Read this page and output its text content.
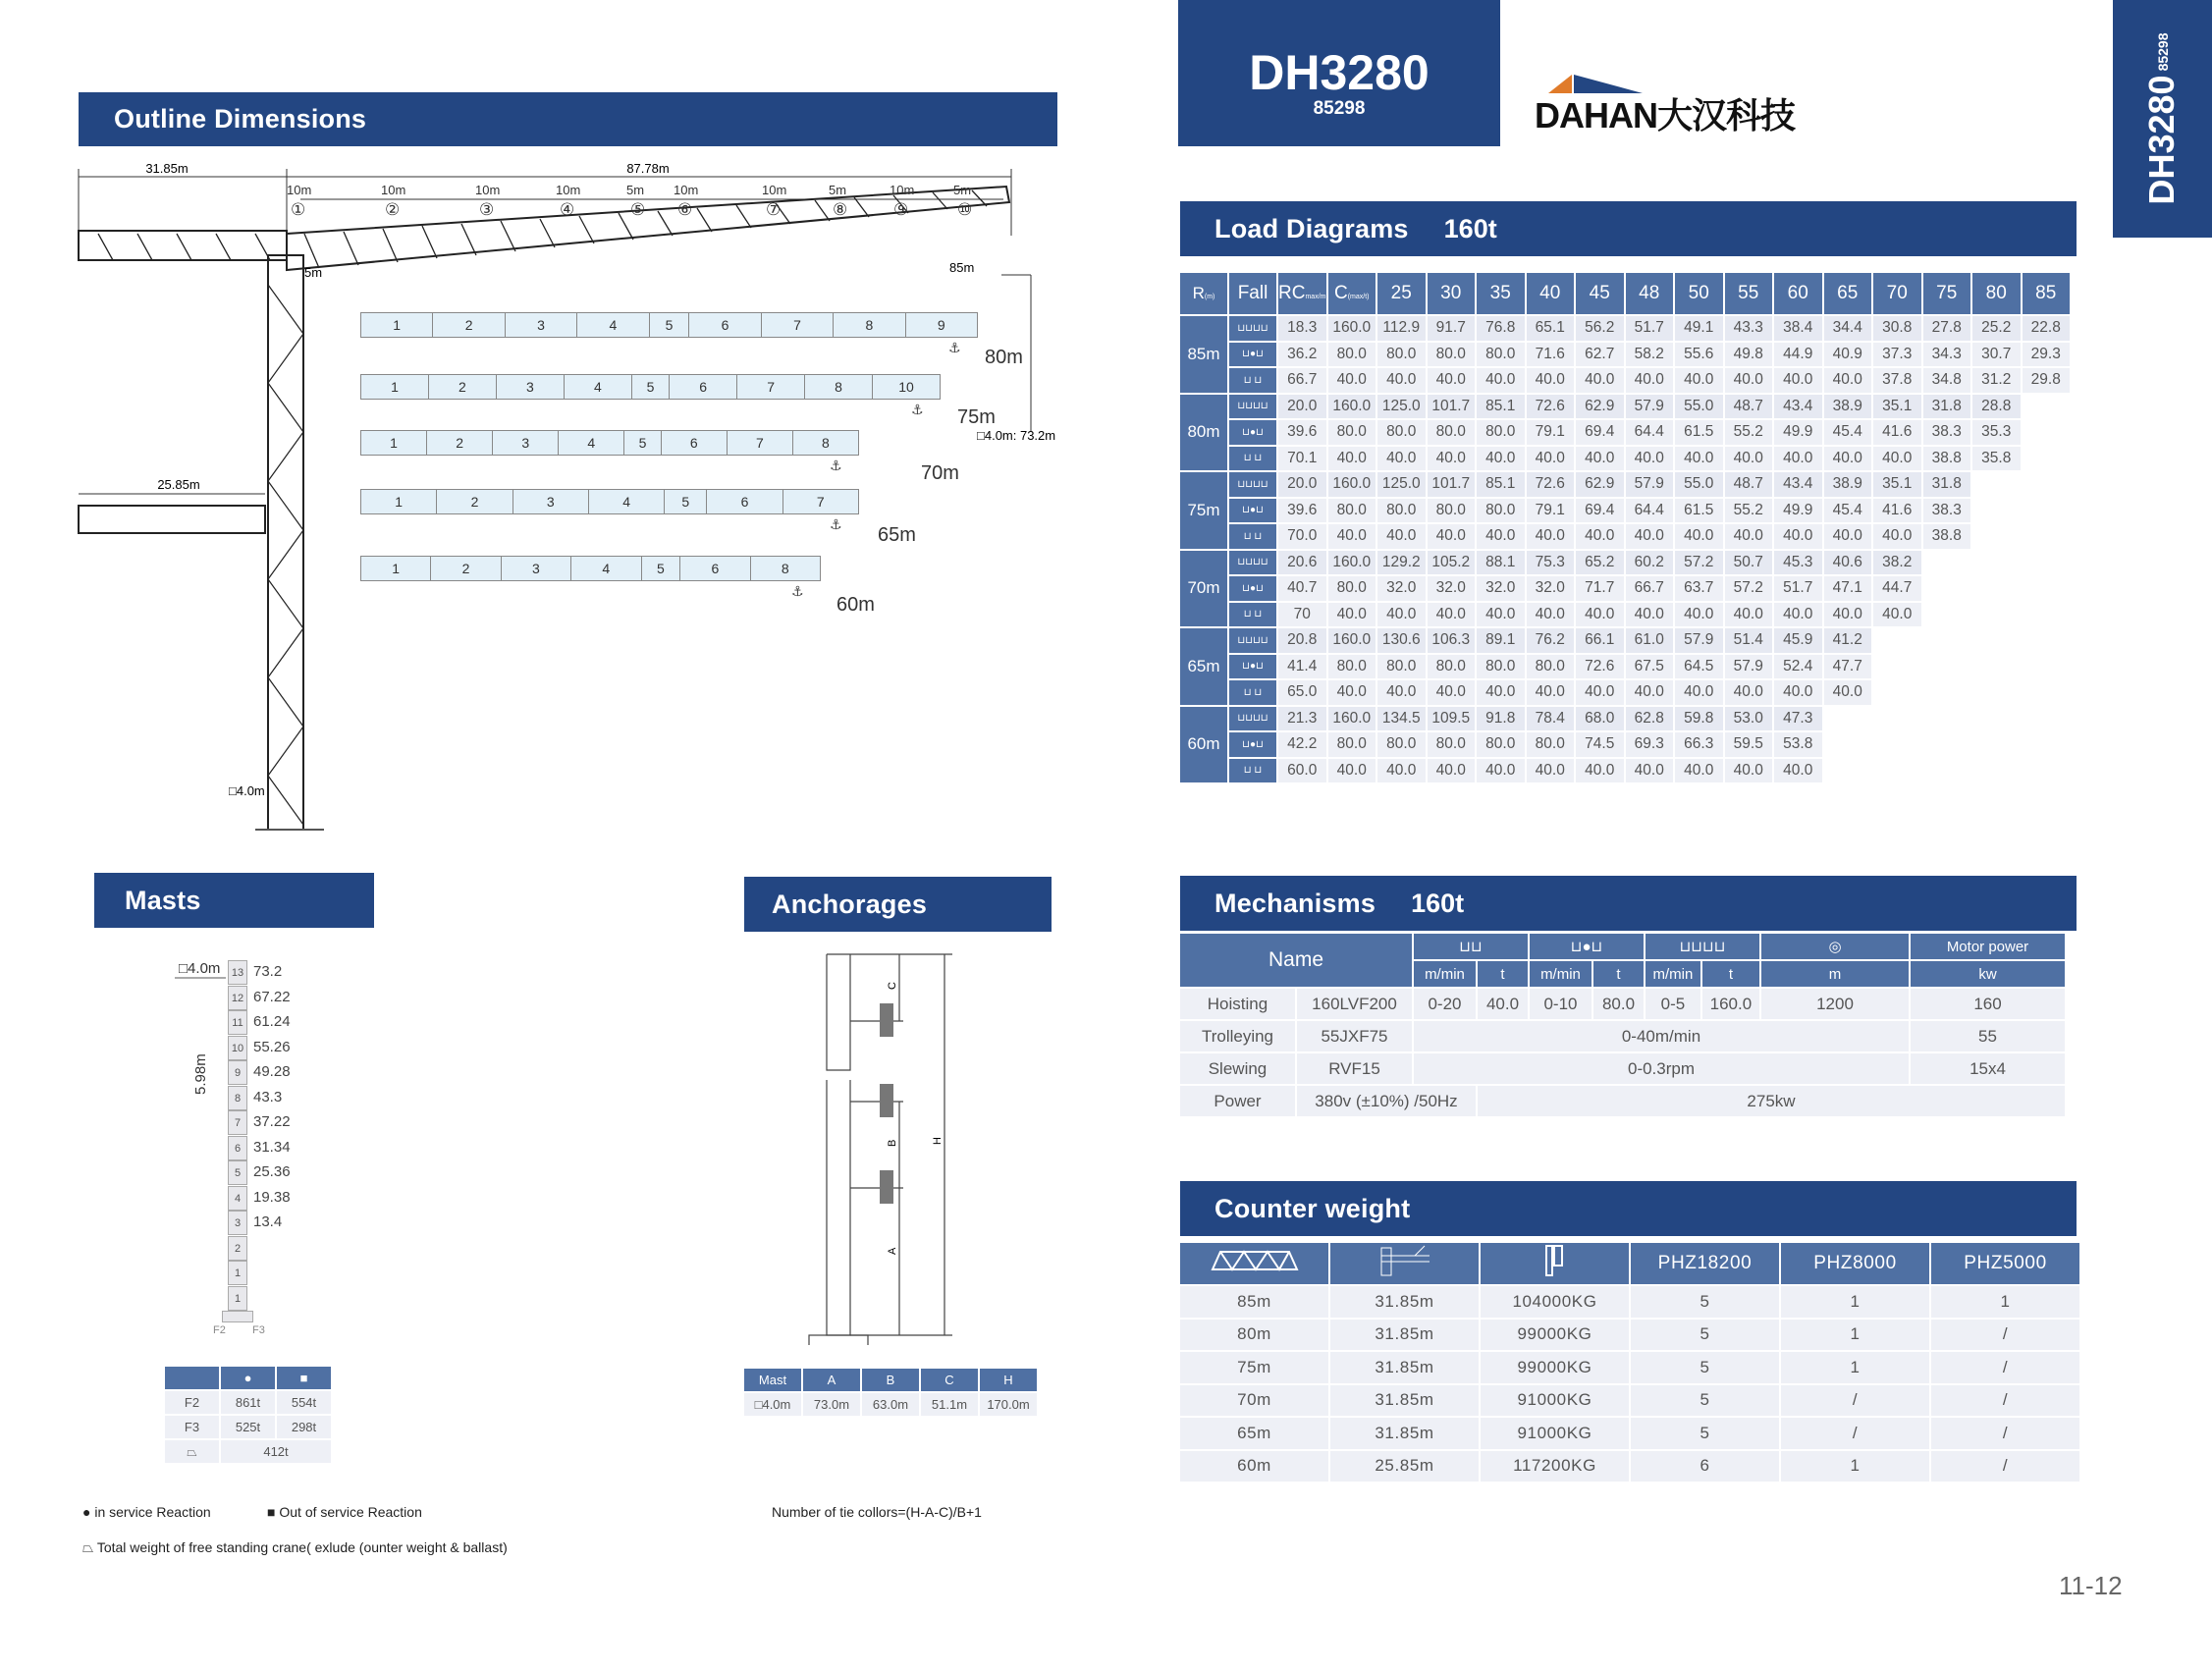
DH3280
85298	DAHAN大汉科技	DH328085298
Outline Dimensions
Load Diagrams 160t
Masts	Anchorages	Mechanisms 160t
Counter weight
31.85m	87.78m
85m
5m
□4.0m: 73.2m
25.85m
□4.0m
10m
①
10m
②
10m
③
10m
④
5m
⑤
10m
⑥
10m
⑦
5m
⑧
10m
⑨
5m
⑩
1	2	3	4	5	6	7	8	9
⚓ 80m
1	2	3	4	5	6	7	8	10
⚓ 75m
1	2	3	4	5	6	7	8
⚓	70m
1	2	3	4	5	6	7
⚓ 65m
1	2	3	4	5	6	8
⚓
60m
R(m)	Fall	RCmax/m	C(max/t)	25	30	35	40	45	48	50	55	60	65	70	75	80	85
85m	⊔⊔⊔⊔	18.3	160.0	112.9	91.7	76.8	65.1	56.2	51.7	49.1	43.3	38.4	34.4	30.8	27.8	25.2	22.8
	⊔●⊔	36.2	80.0	80.0	80.0	80.0	71.6	62.7	58.2	55.6	49.8	44.9	40.9	37.3	34.3	30.7	29.3
	⊔ ⊔	66.7	40.0	40.0	40.0	40.0	40.0	40.0	40.0	40.0	40.0	40.0	40.0	37.8	34.8	31.2	29.8
80m	⊔⊔⊔⊔	20.0	160.0	125.0	101.7	85.1	72.6	62.9	57.9	55.0	48.7	43.4	38.9	35.1	31.8	28.8	
	⊔●⊔	39.6	80.0	80.0	80.0	80.0	79.1	69.4	64.4	61.5	55.2	49.9	45.4	41.6	38.3	35.3	
	⊔ ⊔	70.1	40.0	40.0	40.0	40.0	40.0	40.0	40.0	40.0	40.0	40.0	40.0	40.0	38.8	35.8	
75m	⊔⊔⊔⊔	20.0	160.0	125.0	101.7	85.1	72.6	62.9	57.9	55.0	48.7	43.4	38.9	35.1	31.8		
	⊔●⊔	39.6	80.0	80.0	80.0	80.0	79.1	69.4	64.4	61.5	55.2	49.9	45.4	41.6	38.3		
	⊔ ⊔	70.0	40.0	40.0	40.0	40.0	40.0	40.0	40.0	40.0	40.0	40.0	40.0	40.0	38.8		
70m	⊔⊔⊔⊔	20.6	160.0	129.2	105.2	88.1	75.3	65.2	60.2	57.2	50.7	45.3	40.6	38.2			
	⊔●⊔	40.7	80.0	32.0	32.0	32.0	32.0	71.7	66.7	63.7	57.2	51.7	47.1	44.7			
	⊔ ⊔	70	40.0	40.0	40.0	40.0	40.0	40.0	40.0	40.0	40.0	40.0	40.0	40.0			
65m	⊔⊔⊔⊔	20.8	160.0	130.6	106.3	89.1	76.2	66.1	61.0	57.9	51.4	45.9	41.2				
	⊔●⊔	41.4	80.0	80.0	80.0	80.0	80.0	72.6	67.5	64.5	57.9	52.4	47.7				
	⊔ ⊔	65.0	40.0	40.0	40.0	40.0	40.0	40.0	40.0	40.0	40.0	40.0	40.0				
60m	⊔⊔⊔⊔	21.3	160.0	134.5	109.5	91.8	78.4	68.0	62.8	59.8	53.0	47.3					
	⊔●⊔	42.2	80.0	80.0	80.0	80.0	80.0	74.5	69.3	66.3	59.5	53.8					
	⊔ ⊔	60.0	40.0	40.0	40.0	40.0	40.0	40.0	40.0	40.0	40.0	40.0					
Name		⊔⊔		⊔●⊔		⊔⊔⊔⊔		◎	Motor power
		m/min	t	m/min	t	m/min	t	m	kw
Hoisting	160LVF200	0-20	40.0	0-10	80.0	0-5	160.0	1200	160
Trolleying	55JXF75	0-40m/min							55
Slewing	RVF15	0-0.3rpm							15x4
Power	380v (±10%) /50Hz		275kw						
			PHZ18200	PHZ8000	PHZ5000
85m	31.85m	104000KG	5	1	1
80m	31.85m	99000KG	5	1	/
75m	31.85m	99000KG	5	1	/
70m	31.85m	91000KG	5	/	/
65m	31.85m	91000KG	5	/	/
60m	25.85m	117200KG	6	1	/
□4.0m	13 73.2
12 67.22
11 61.24
10 55.26
9 49.28
8 43.3
7 37.22
6 31.34
5 25.36
4 19.38
3 13.4
2
1
1
5.98m
F2 F3
	●	■
F2	861t	554t
F3	525t	298t
⏢	412t	
C
B
A
H
Mast	A	B	C	H
□4.0m	73.0m	63.0m	51.1m	170.0m
● in service Reaction	■ Out of service Reaction	Number of tie collors=(H-A-C)/B+1
⏢ Total weight of free standing crane( exlude (ounter weight & ballast)
11-12
